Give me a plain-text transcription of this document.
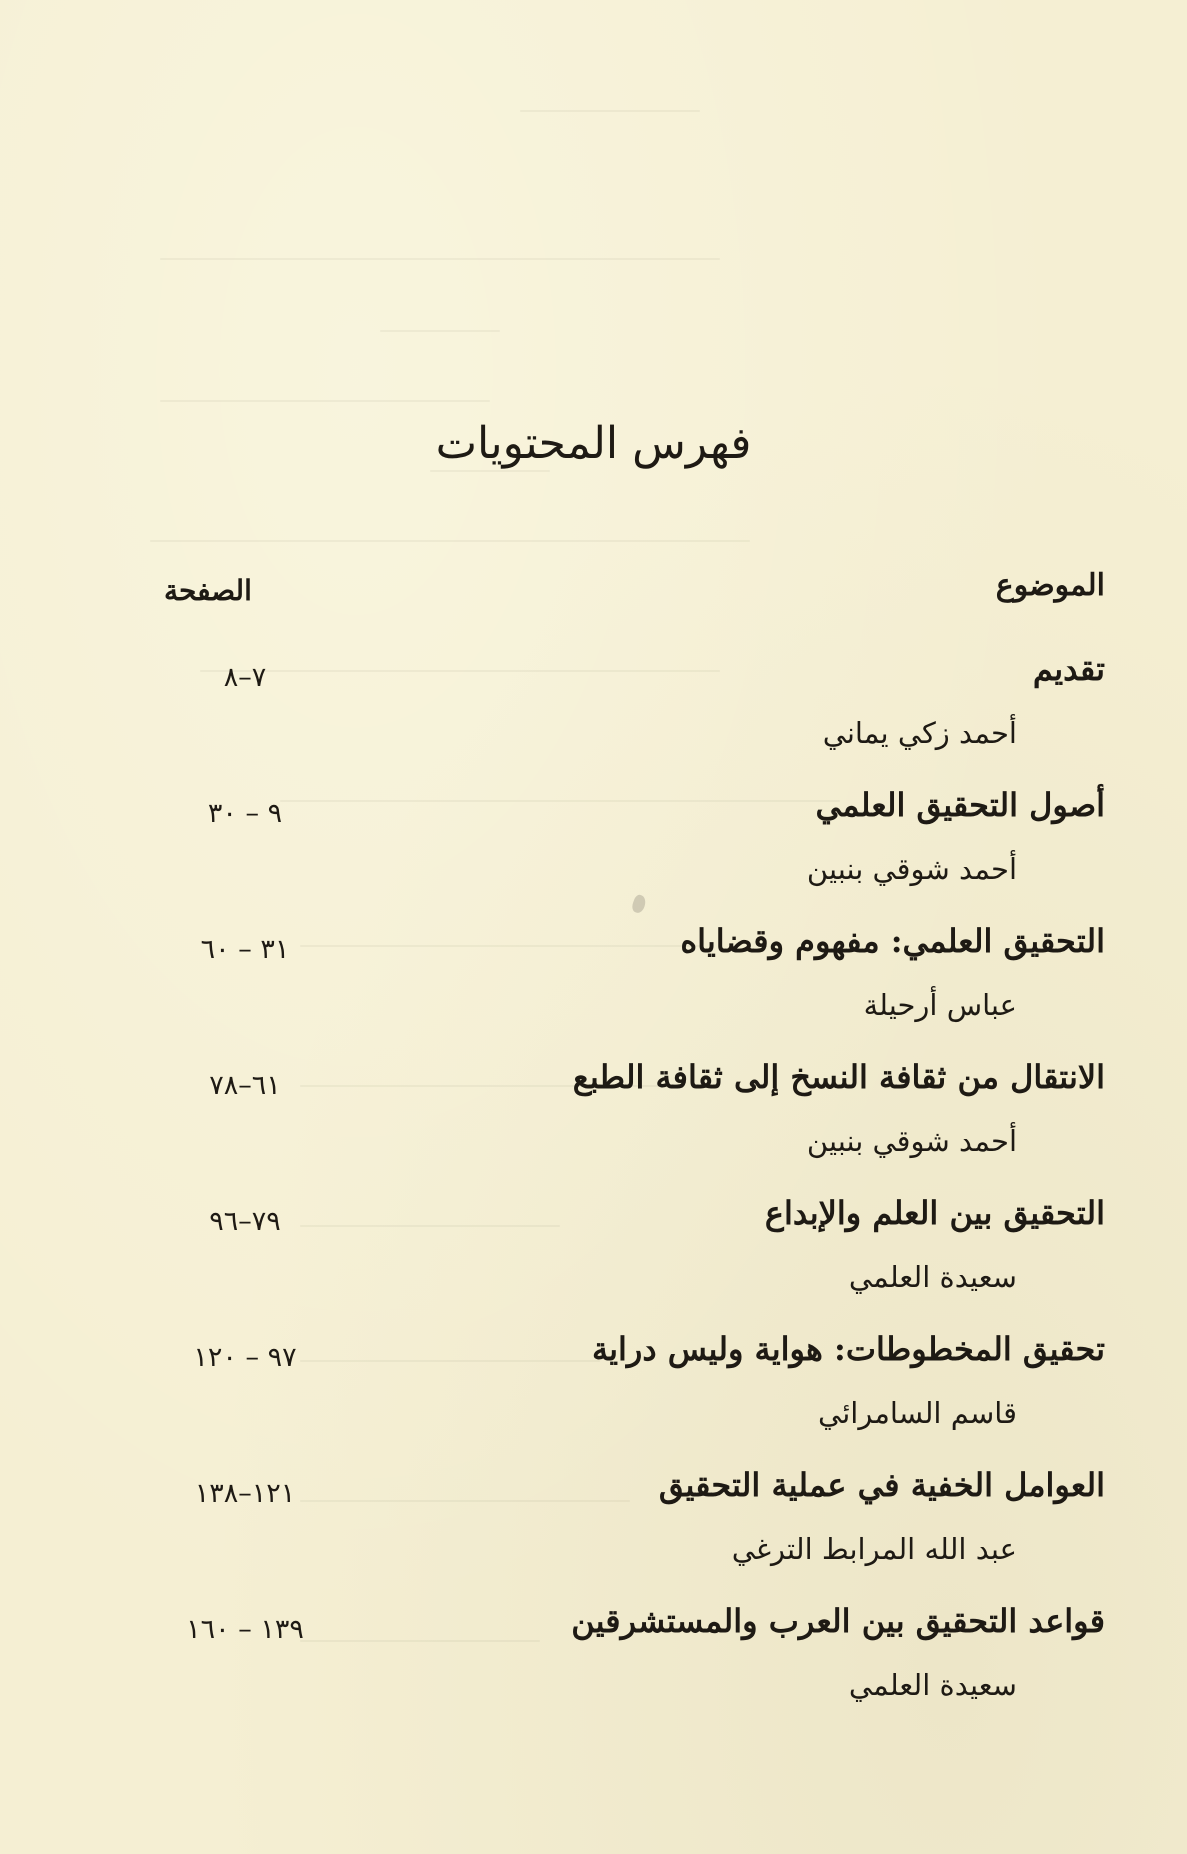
فهرس المحتويات
الموضوع
الصفحة
تقديم
٧–٨
أحمد زكي يماني
أصول التحقيق العلمي
٩ – ٣٠
أحمد شوقي بنبين
التحقيق العلمي: مفهوم وقضاياه
٣١ – ٦٠
عباس أرحيلة
الانتقال من ثقافة النسخ إلى ثقافة الطبع
٦١–٧٨
أحمد شوقي بنبين
التحقيق بين العلم والإبداع
٧٩–٩٦
سعيدة العلمي
تحقيق المخطوطات: هواية وليس دراية
٩٧ – ١٢٠
قاسم السامرائي
العوامل الخفية في عملية التحقيق
١٢١–١٣٨
عبد الله المرابط الترغي
قواعد التحقيق بين العرب والمستشرقين
١٣٩ – ١٦٠
سعيدة العلمي
